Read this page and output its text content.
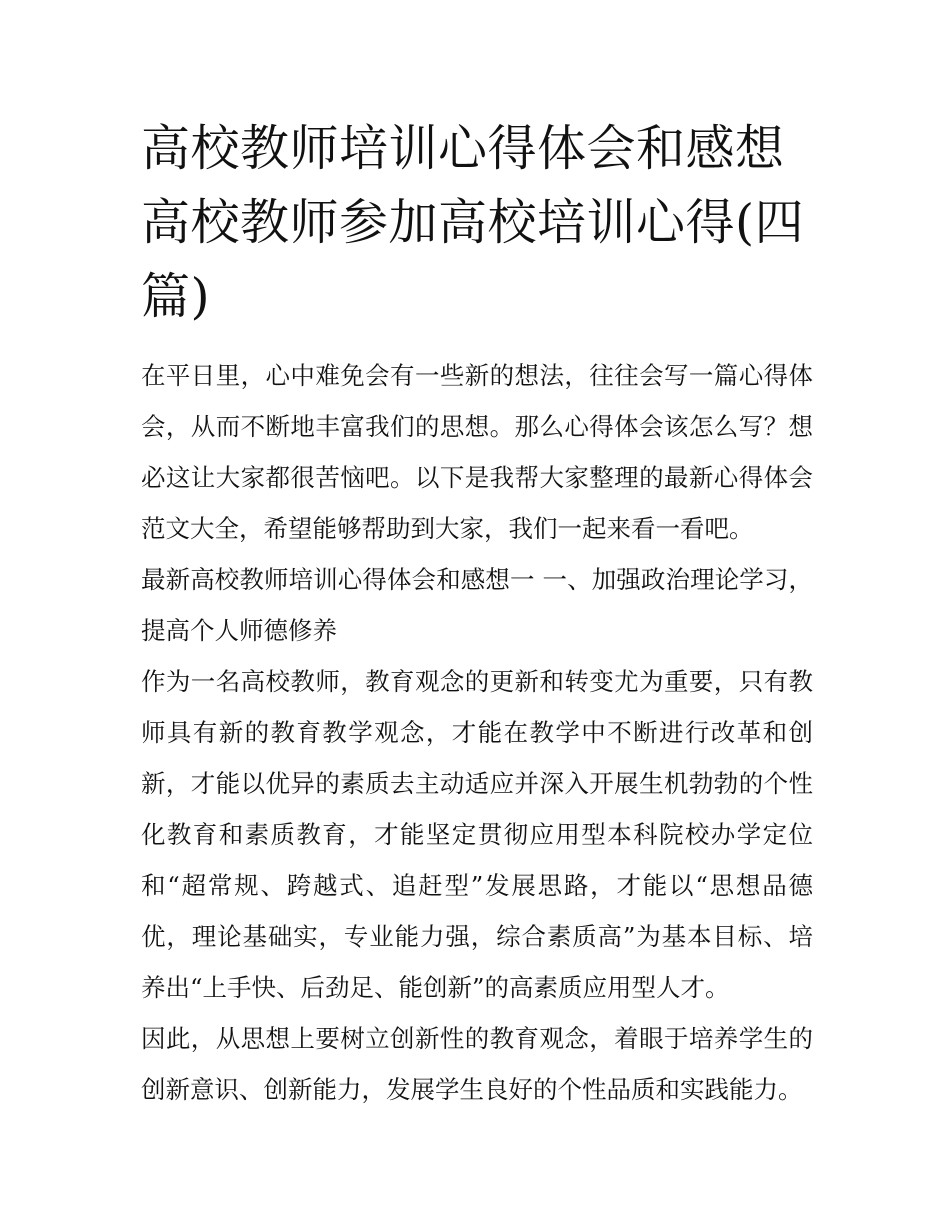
高校教师培训心得体会和感想高校教师参加高校培训心得(四篇)

在平日里，心中难免会有一些新的想法，往往会写一篇心得体会，从而不断地丰富我们的思想。那么心得体会该怎么写？想必这让大家都很苦恼吧。以下是我帮大家整理的最新心得体会范文大全，希望能够帮助到大家，我们一起来看一看吧。

最新高校教师培训心得体会和感想一 一、加强政治理论学习，提高个人师德修养

作为一名高校教师，教育观念的更新和转变尤为重要，只有教师具有新的教育教学观念，才能在教学中不断进行改革和创新，才能以优异的素质去主动适应并深入开展生机勃勃的个性化教育和素质教育，才能坚定贯彻应用型本科院校办学定位和“超常规、跨越式、追赶型”发展思路，才能以“思想品德优，理论基础实，专业能力强，综合素质高”为基本目标、培养出“上手快、后劲足、能创新”的高素质应用型人才。

因此，从思想上要树立创新性的教育观念，着眼于培养学生的创新意识、创新能力，发展学生良好的个性品质和实践能力。
